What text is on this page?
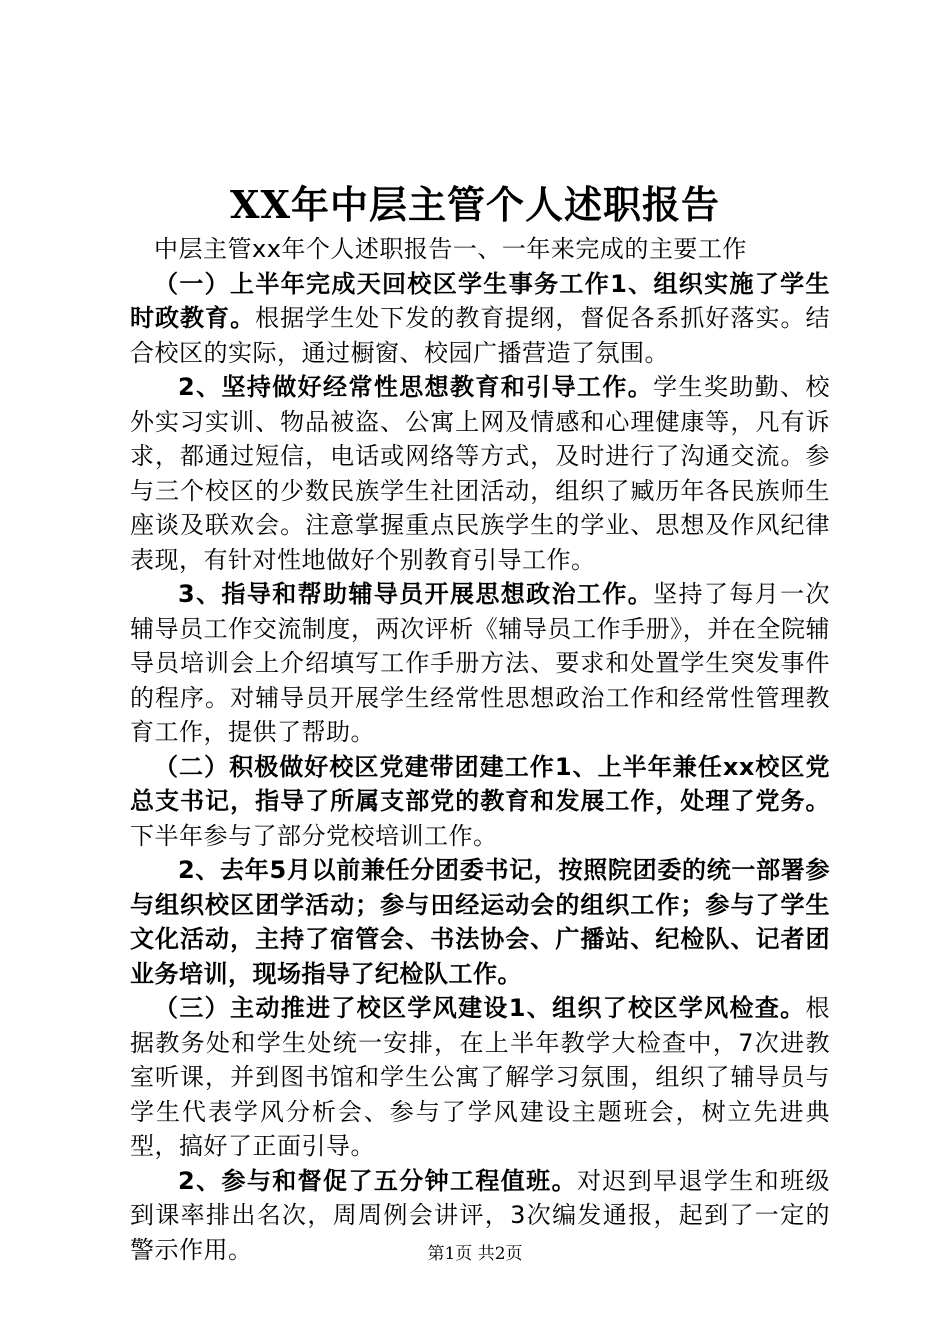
XX年中层主管个人述职报告

中层主管xx年个人述职报告一、一年来完成的主要工作

（一）上半年完成天回校区学生事务工作1、组织实施了学生时政教育。根据学生处下发的教育提纲，督促各系抓好落实。结合校区的实际，通过橱窗、校园广播营造了氛围。

2、坚持做好经常性思想教育和引导工作。学生奖助勤、校外实习实训、物品被盗、公寓上网及情感和心理健康等，凡有诉求，都通过短信，电话或网络等方式，及时进行了沟通交流。参与三个校区的少数民族学生社团活动，组织了臧历年各民族师生座谈及联欢会。注意掌握重点民族学生的学业、思想及作风纪律表现，有针对性地做好个别教育引导工作。

3、指导和帮助辅导员开展思想政治工作。坚持了每月一次辅导员工作交流制度，两次评析《辅导员工作手册》，并在全院辅导员培训会上介绍填写工作手册方法、要求和处置学生突发事件的程序。对辅导员开展学生经常性思想政治工作和经常性管理教育工作，提供了帮助。

（二）积极做好校区党建带团建工作1、上半年兼任xx校区党总支书记，指导了所属支部党的教育和发展工作，处理了党务。下半年参与了部分党校培训工作。

2、去年5月以前兼任分团委书记，按照院团委的统一部署参与组织校区团学活动；参与田经运动会的组织工作；参与了学生文化活动，主持了宿管会、书法协会、广播站、纪检队、记者团业务培训，现场指导了纪检队工作。

（三）主动推进了校区学风建设1、组织了校区学风检查。根据教务处和学生处统一安排，在上半年教学大检查中，7次进教室听课，并到图书馆和学生公寓了解学习氛围，组织了辅导员与学生代表学风分析会、参与了学风建设主题班会，树立先进典型，搞好了正面引导。

2、参与和督促了五分钟工程值班。对迟到早退学生和班级到课率排出名次，周周例会讲评，3次编发通报，起到了一定的警示作用。	第1页 共2页
